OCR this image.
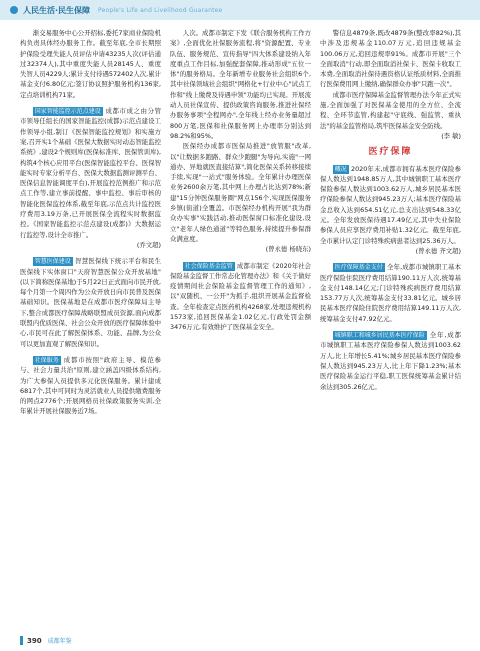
人民生活·民生保障 People's Life and Livelihood Guarantee

渐交易服务中心公开招标,委托7家商业保险机构负责具体经办服务工作。截至年底,全市长期照护保险受理失能人员评估申请43235人次(评估通过32374人),其中重度失能人员28145人、重度失智人员4229人;累计支付待遇572402人次,累计基金支付6.80亿元;签订协议照护服务机构136家,定点培训机构71家。

国家智能监控示范点建设 成都市成之由分管市领导任组长的国家智能监控(成都)示范点建设工作领导小组,制订《医保智能监控规划》和实施方案,召开实1个基础《医保大数据实时动态智能监控系统》,建设2个规则库(医保标准库、医保管训库),构筑4个核心应用平台(医保智能监控平台、医保智能实时专家分析平台、医保大数据监测评测平台、医保信息智能调度平台),开展监控范例推广和示范点工作等,建立事前提醒、事中监控、事后审核的智能化医保监控体系,截至年底,示范点共计监控医疗费用3.19万条,已开展医保全流程实时数据监控。《国家智能监控示范点建设(成都)》大数据运行监控等,设计全市推广。

(乔文超)

智慧医保建设 智慧医保线下统示平台和民生医保线下实体窗口"天府智慧医保公众开放基地"(以下简称医保基地)于5月22日正式面向市民开放,每个月第一个周四作为公众开放日向市民普及医保基础知识。医保基地是在成都市医疗保障局主导下,整合成都医疗保障战略联盟成员资源,面向成都联盟内优质医保、社会公众开放的医疗保障体验中心,市民可在此了解医保体系、功能、品牌,为公众可以更加直观了解医保知识。

社保服务 成都市按照"政府主导、模范参与、社会力量共治"原则,建立涵盖四级体系结构,为广大参保人员提供多元化医保服务。累计建成6817个,其中可同时为灵活就业人员提供缴费服务的网点2776个;开展网格员社保政策服务实训,全年累计开展社保服务近7场。

人次。成都市制定下发《联合服务机构工作方案》,全面优化社保服务流程,将"资源配置、专业队伍、服务规范、宣传指导"四大体系建设纳入年度重点工作目标,加强配套保障,推动形成"五位一体"的服务格局。全年新增专业服务社会组织6个,其中社保领域社会组织"网格化+行业中心"试点工作和"线上缴费及待遇申领"功能均已实现。开展流动人员社保宣传、提供政策咨询服务,推进社保经办服务事项"全程网办",全年线上经办业务量超过800万笔,医保和社保服务网上办理率分别达到98.2%和95%。

医保经办成都市医保局推进"放管服"改革,以"让数据多跑路、群众少跑腿"为导向,实施"一网通办、异地就医直接结算",简化医保关系转移接续手续,实现"一站式"服务体验。全年累计办理医保业务2600余万笔,其中网上办理占比达到78%;新建"15分钟医保服务圈"网点156个,实现医保服务乡镇(街道)全覆盖。市医保经办机构开展"我为群众办实事"实践活动,推动医保窗口标准化建设,设立"老年人绿色通道"等特色服务,持续提升参保群众满意度。

(曾永德 杨晓东)

社会保险基金监管 成都市制定《2020年社会保险基金监督工作常态化管理办法》和《关于做好疫情期间社会保险基金监督管理工作的通知》,以"双随机、一公开"为抓手,组织开展基金监督检查。全年检查定点医药机构4268家,处理违规机构1573家,追回医保基金1.02亿元,行政处罚金额3476万元,有效维护了医保基金安全。

警信息4879条,既改4879条(整改率82%),其中涉及违规基金110.07万元,追回违规基金100.06万元,追回违规率91%。成都市开展"三个全面取消"行动,即全面取消社保卡、医保卡收取工本费,全面取消社保待遇资格认证纸质材料,全面推行医保费用网上缴纳,确保群众办事"只跑一次"。

成都市医疗保障基金监督管理办法今年正式实施,全面加强了对医保基金使用的全方位、全流程、全环节监管,构建起"守底线、强监管、重执法"的基金监管格局,筑牢医保基金安全防线。

(李 敏)
医疗保障

概况 2020年末,成都市拥有基本医疗保险参保人数达到1948.85万人,其中城镇职工基本医疗保险参保人数达到1003.62万人,城乡居民基本医疗保险参保人数达到945.23万人;基本医疗保险基金总收入达到654.51亿元,总支出达到548.33亿元。全年发放医保待遇17.49亿元,其中失业保险参保人员应享医疗费用补贴1.32亿元。截至年底,全市累计认定门诊特殊疾病患者达到25.36万人。

(曾永德 齐文超)

医疗保障基金支付 全年,成都市城镇职工基本医疗保险住院医疗费用结算190.11万人次,统筹基金支付148.14亿元;门诊特殊疾病医疗费用结算153.77万人次,统筹基金支付33.81亿元。城乡居民基本医疗保险住院医疗费用结算149.11万人次,统筹基金支付47.92亿元。

城镇职工和城乡居民基本医疗保险 全年,成都市城镇职工基本医疗保险参保人数达到1003.62万人,比上年增长5.41%;城乡居民基本医疗保险参保人数达到945.23万人,比上年下降1.23%;基本医疗保险基金运行平稳,职工医保统筹基金累计结余达到305.26亿元。

390 成都年鉴
